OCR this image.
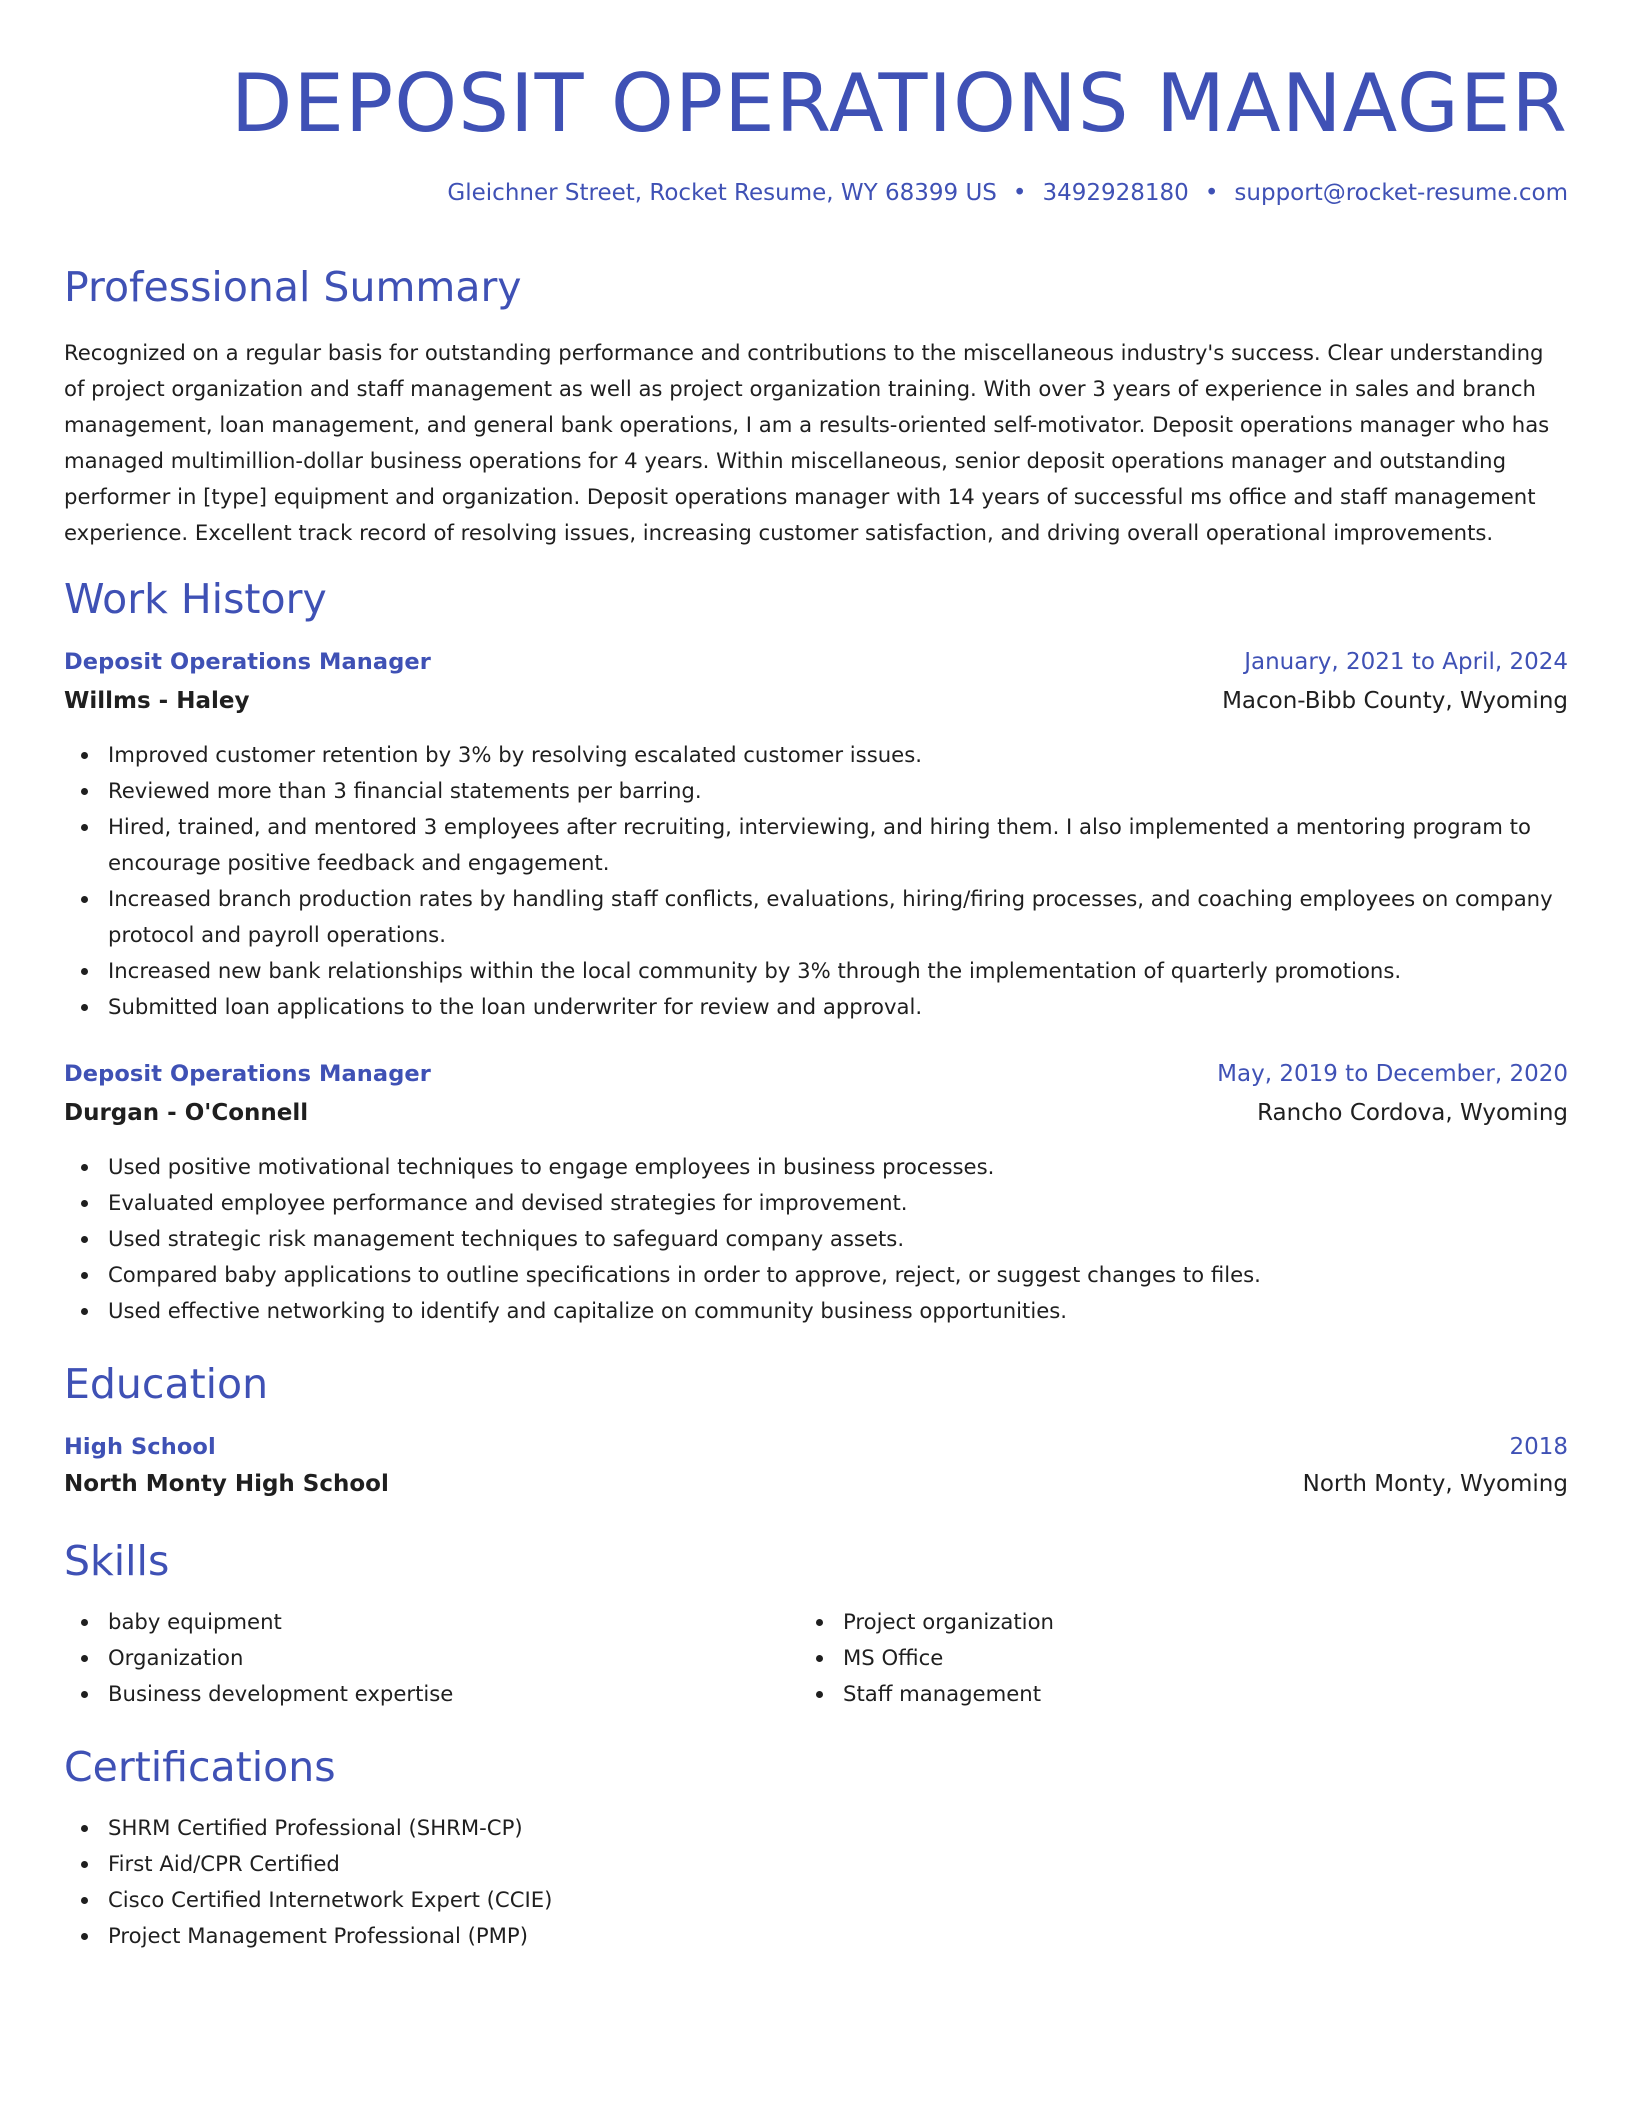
DEPOSIT OPERATIONS MANAGER
Gleichner Street, Rocket Resume, WY 68399 US • 3492928180 • support@rocket-resume.com
Professional Summary

Recognized on a regular basis for outstanding performance and contributions to the miscellaneous industry's success. Clear understanding of project organization and staff management as well as project organization training. With over 3 years of experience in sales and branch management, loan management, and general bank operations, I am a results-oriented self-motivator. Deposit operations manager who has managed multimillion-dollar business operations for 4 years. Within miscellaneous, senior deposit operations manager and outstanding performer in [type] equipment and organization. Deposit operations manager with 14 years of successful ms office and staff management experience. Excellent track record of resolving issues, increasing customer satisfaction, and driving overall operational improvements.

Work History
Deposit Operations Manager	January, 2021 to April, 2024
Willms - Haley	Macon-Bibb County, Wyoming
Improved customer retention by 3% by resolving escalated customer issues.
Reviewed more than 3 financial statements per barring.
Hired, trained, and mentored 3 employees after recruiting, interviewing, and hiring them. I also implemented a mentoring program to encourage positive feedback and engagement.
Increased branch production rates by handling staff conflicts, evaluations, hiring/firing processes, and coaching employees on company protocol and payroll operations.
Increased new bank relationships within the local community by 3% through the implementation of quarterly promotions.
Submitted loan applications to the loan underwriter for review and approval.
Deposit Operations Manager	May, 2019 to December, 2020
Durgan - O'Connell	Rancho Cordova, Wyoming
Used positive motivational techniques to engage employees in business processes.
Evaluated employee performance and devised strategies for improvement.
Used strategic risk management techniques to safeguard company assets.
Compared baby applications to outline specifications in order to approve, reject, or suggest changes to files.
Used effective networking to identify and capitalize on community business opportunities.
Education
High School	2018
North Monty High School	North Monty, Wyoming
Skills
baby equipment
Organization
Business development expertise
Project organization
MS Office
Staff management
Certifications
SHRM Certified Professional (SHRM-CP)
First Aid/CPR Certified
Cisco Certified Internetwork Expert (CCIE)
Project Management Professional (PMP)
